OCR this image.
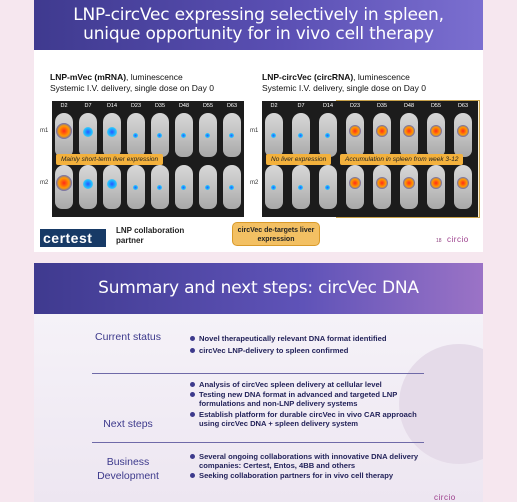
LNP-circVec expressing selectively in spleen,
unique opportunity for in vivo cell therapy
LNP-mVec (mRNA), luminescence
Systemic I.V. delivery, single dose on Day 0
LNP-circVec (circRNA), luminescence
Systemic I.V. delivery, single dose on Day 0
m1
m2
m1
m2
D2	D7	D14	D23	D35	D48	D55	D63	D2	D7	D14	D23	D35	D48	D55	D63
Mainly short-term liver expression	No liver expression	Accumulation in spleen from week 3-12
circVec de-targets liver expression
certest	LNP collaboration partner	18 circio
Summary and next steps: circVec DNA
Current status	Novel therapeutically relevant DNA format identified
circVec LNP-delivery to spleen confirmed
Next steps
Analysis of circVec spleen delivery at cellular level
Testing new DNA format in advanced and targeted LNP formulations and non-LNP delivery systems
Establish platform for durable circVec in vivo CAR approach using circVec DNA + spleen delivery system
Business Development
Several ongoing collaborations with innovative DNA delivery companies: Certest, Entos, 4BB and others
Seeking collaboration partners for in vivo cell therapy
circio
